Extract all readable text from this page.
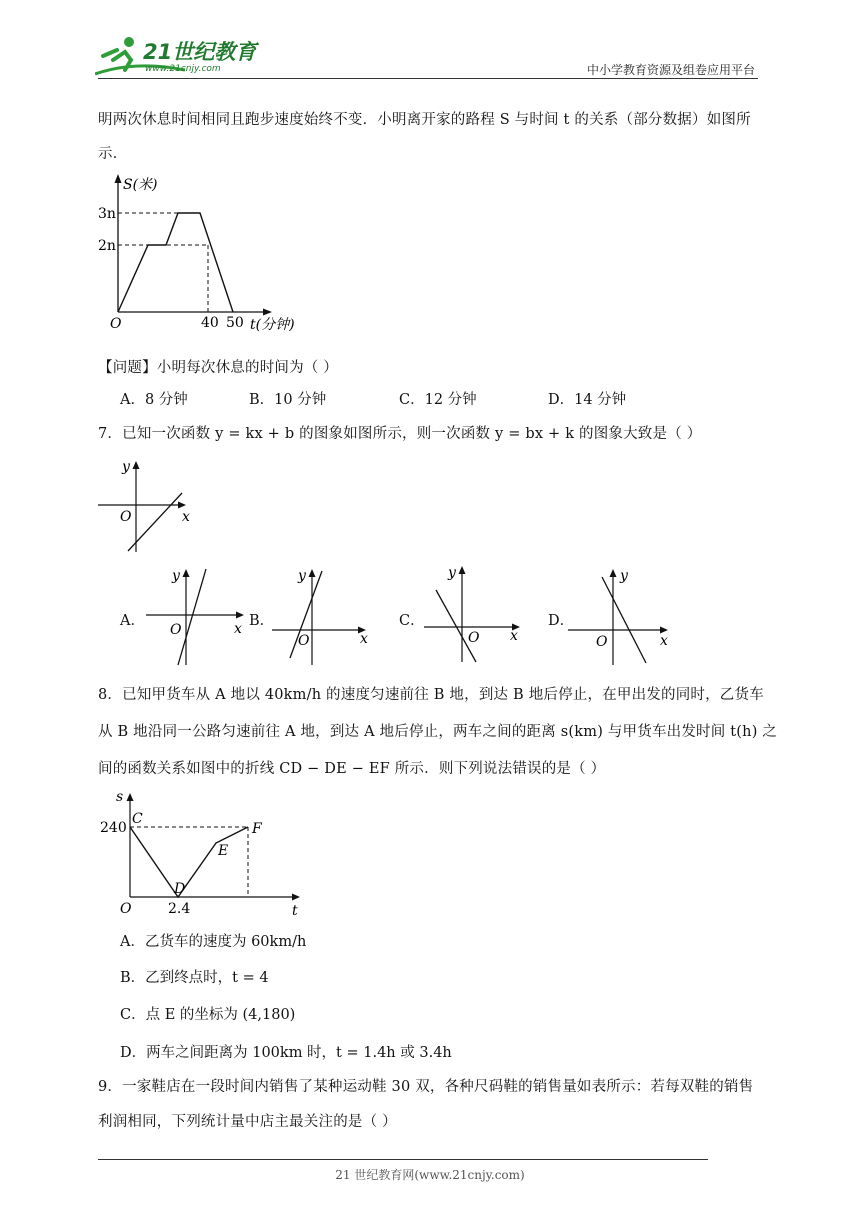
21世纪教育
www.21cnjy.com	中小学教育资源及组卷应用平台
明两次休息时间相同且跑步速度始终不变．小明离开家的路程 S 与时间 t 的关系（部分数据）如图所
示．
S(米)
3n
2n
O	40 50 t(分钟)
【问题】小明每次休息的时间为（ ）
A．8 分钟	B．10 分钟	C．12 分钟	D．14 分钟
7．已知一次函数 y = kx + b 的图象如图所示，则一次函数 y = bx + k 的图象大致是（ ）
y
x
O
A．
y
x
O
B．
y
x
O
C．
y
x
O
D．
y
x
O
8．已知甲货车从 A 地以 40km/h 的速度匀速前往 B 地，到达 B 地后停止，在甲出发的同时，乙货车
从 B 地沿同一公路匀速前往 A 地，到达 A 地后停止，两车之间的距离 s(km) 与甲货车出发时间 t(h) 之
间的函数关系如图中的折线 CD − DE − EF 所示．则下列说法错误的是（ ）
s
240
C
D
E
F
O	2.4	t
A．乙货车的速度为 60km/h
B．乙到终点时，t = 4
C．点 E 的坐标为 (4,180)
D．两车之间距离为 100km 时，t = 1.4h 或 3.4h
9．一家鞋店在一段时间内销售了某种运动鞋 30 双，各种尺码鞋的销售量如表所示：若每双鞋的销售
利润相同，下列统计量中店主最关注的是（ ）
21 世纪教育网(www.21cnjy.com)
